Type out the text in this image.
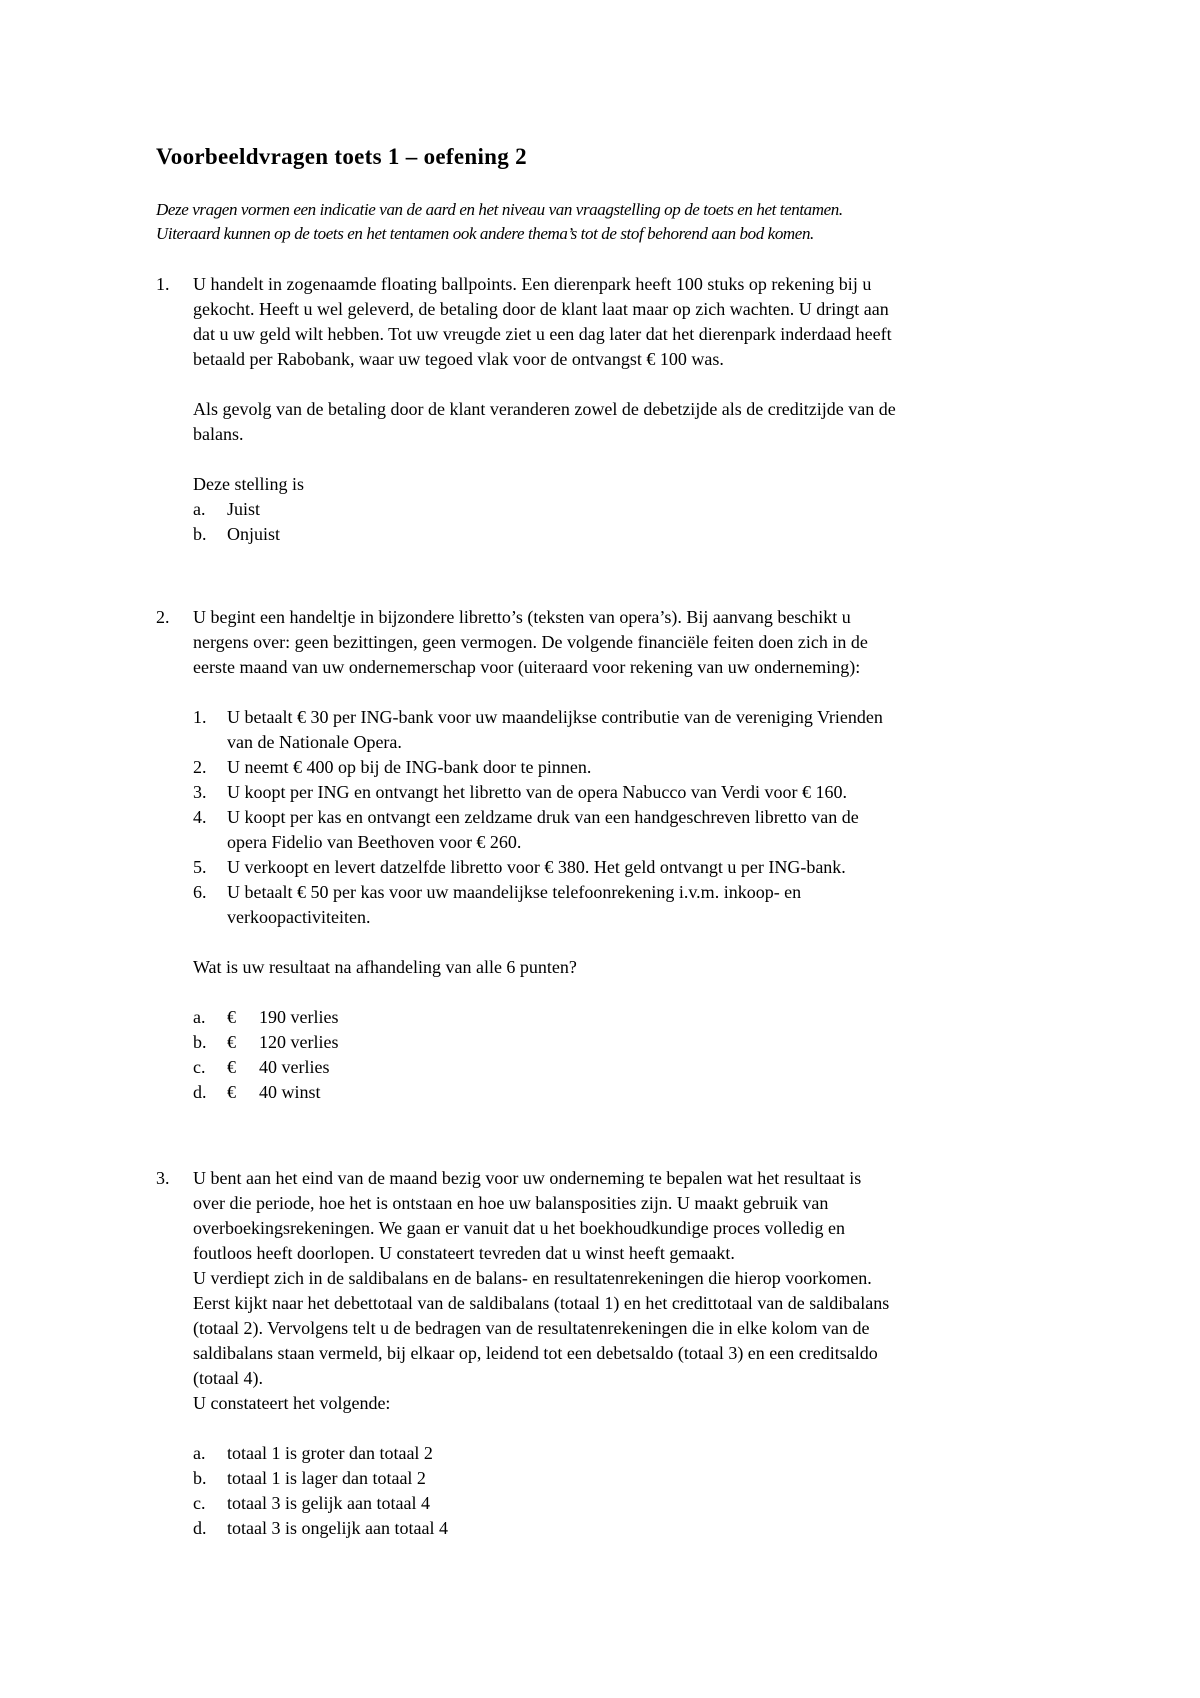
Voorbeeldvragen toets 1 – oefening 2
Deze vragen vormen een indicatie van de aard en het niveau van vraagstelling op de toets en het tentamen.
Uiteraard kunnen op de toets en het tentamen ook andere thema’s tot de stof behorend aan bod komen.
1. U handelt in zogenaamde floating ballpoints. Een dierenpark heeft 100 stuks op rekening bij u
gekocht. Heeft u wel geleverd, de betaling door de klant laat maar op zich wachten. U dringt aan
dat u uw geld wilt hebben. Tot uw vreugde ziet u een dag later dat het dierenpark inderdaad heeft
betaald per Rabobank, waar uw tegoed vlak voor de ontvangst € 100 was.
Als gevolg van de betaling door de klant veranderen zowel de debetzijde als de creditzijde van de
balans.
Deze stelling is
a. Juist
b. Onjuist
2. U begint een handeltje in bijzondere libretto’s (teksten van opera’s). Bij aanvang beschikt u
nergens over: geen bezittingen, geen vermogen. De volgende financiële feiten doen zich in de
eerste maand van uw ondernemerschap voor (uiteraard voor rekening van uw onderneming):
1. U betaalt € 30 per ING-bank voor uw maandelijkse contributie van de vereniging Vrienden
van de Nationale Opera.
2. U neemt € 400 op bij de ING-bank door te pinnen.
3. U koopt per ING en ontvangt het libretto van de opera Nabucco van Verdi voor € 160.
4. U koopt per kas en ontvangt een zeldzame druk van een handgeschreven libretto van de
opera Fidelio van Beethoven voor € 260.
5. U verkoopt en levert datzelfde libretto voor € 380. Het geld ontvangt u per ING-bank.
6. U betaalt € 50 per kas voor uw maandelijkse telefoonrekening i.v.m. inkoop- en
verkoopactiviteiten.
Wat is uw resultaat na afhandeling van alle 6 punten?
a. € 190 verlies
b. € 120 verlies
c. € 40 verlies
d. € 40 winst
3. U bent aan het eind van de maand bezig voor uw onderneming te bepalen wat het resultaat is
over die periode, hoe het is ontstaan en hoe uw balansposities zijn. U maakt gebruik van
overboekingsrekeningen. We gaan er vanuit dat u het boekhoudkundige proces volledig en
foutloos heeft doorlopen. U constateert tevreden dat u winst heeft gemaakt.
U verdiept zich in de saldibalans en de balans- en resultatenrekeningen die hierop voorkomen.
Eerst kijkt naar het debettotaal van de saldibalans (totaal 1) en het credittotaal van de saldibalans
(totaal 2). Vervolgens telt u de bedragen van de resultatenrekeningen die in elke kolom van de
saldibalans staan vermeld, bij elkaar op, leidend tot een debetsaldo (totaal 3) en een creditsaldo
(totaal 4).
U constateert het volgende:
a. totaal 1 is groter dan totaal 2
b. totaal 1 is lager dan totaal 2
c. totaal 3 is gelijk aan totaal 4
d. totaal 3 is ongelijk aan totaal 4
